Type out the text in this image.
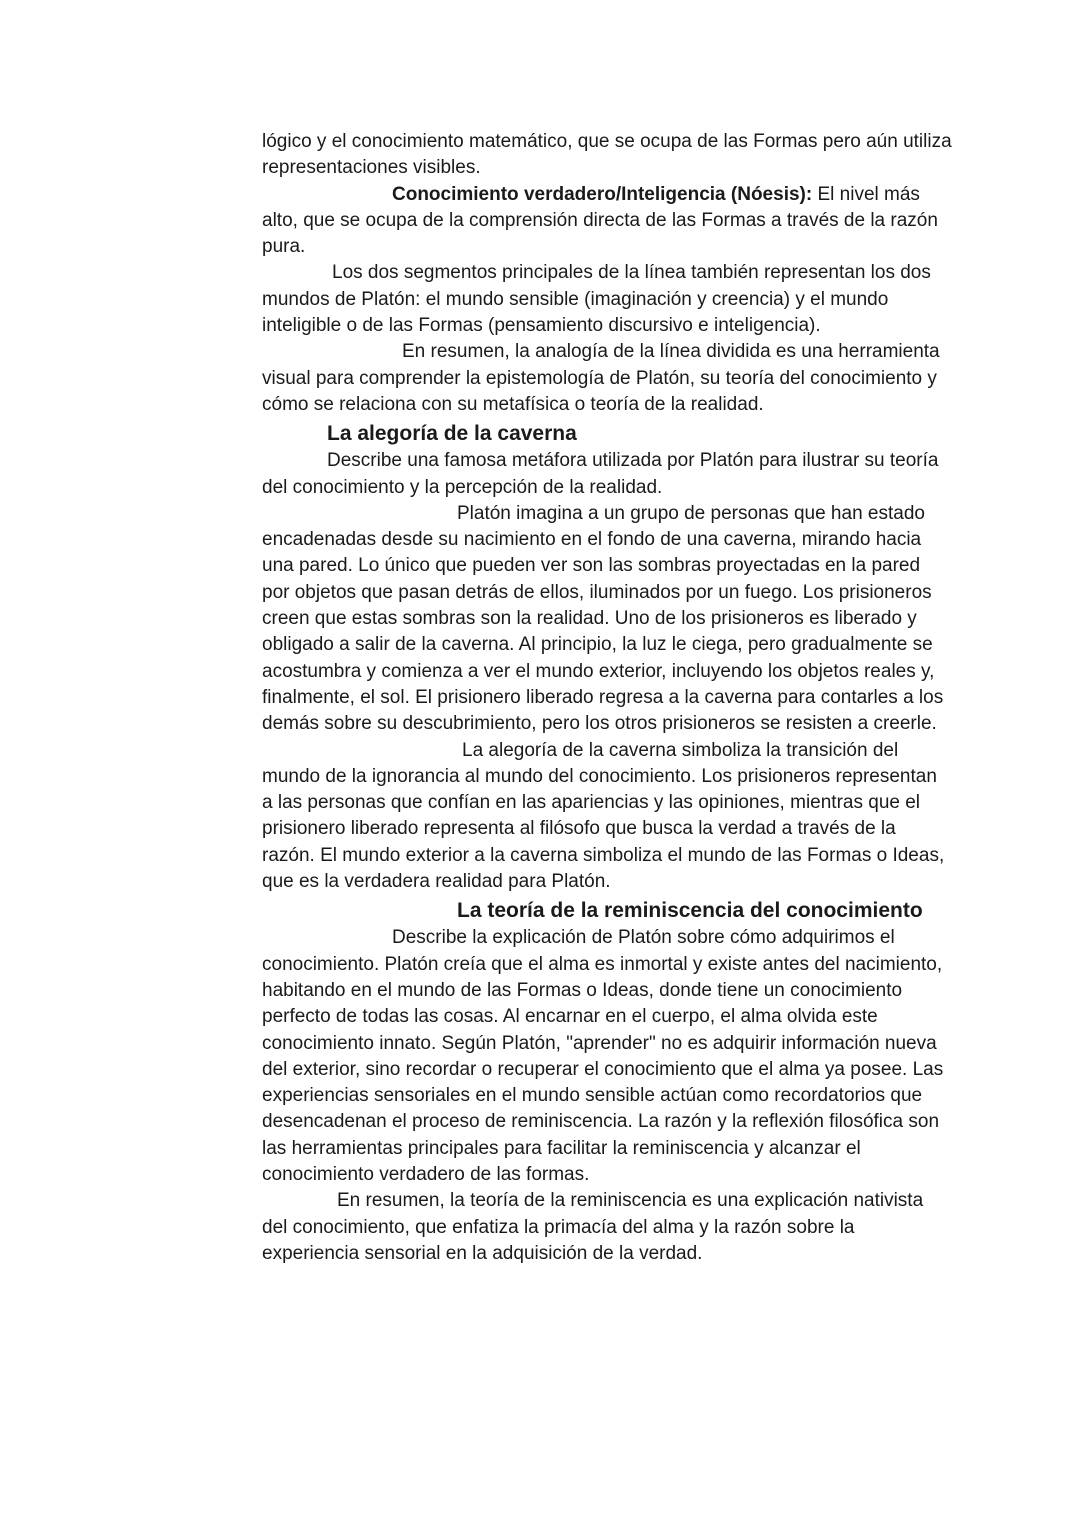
lógico y el conocimiento matemático, que se ocupa de las Formas pero aún utiliza representaciones visibles.

Conocimiento verdadero/Inteligencia (Nóesis): El nivel más alto, que se ocupa de la comprensión directa de las Formas a través de la razón pura.

Los dos segmentos principales de la línea también representan los dos mundos de Platón: el mundo sensible (imaginación y creencia) y el mundo inteligible o de las Formas (pensamiento discursivo e inteligencia).

En resumen, la analogía de la línea dividida es una herramienta visual para comprender la epistemología de Platón, su teoría del conocimiento y cómo se relaciona con su metafísica o teoría de la realidad.

La alegoría de la caverna

Describe una famosa metáfora utilizada por Platón para ilustrar su teoría del conocimiento y la percepción de la realidad.

Platón imagina a un grupo de personas que han estado encadenadas desde su nacimiento en el fondo de una caverna, mirando hacia una pared. Lo único que pueden ver son las sombras proyectadas en la pared por objetos que pasan detrás de ellos, iluminados por un fuego. Los prisioneros creen que estas sombras son la realidad. Uno de los prisioneros es liberado y obligado a salir de la caverna. Al principio, la luz le ciega, pero gradualmente se acostumbra y comienza a ver el mundo exterior, incluyendo los objetos reales y, finalmente, el sol. El prisionero liberado regresa a la caverna para contarles a los demás sobre su descubrimiento, pero los otros prisioneros se resisten a creerle.

La alegoría de la caverna simboliza la transición del mundo de la ignorancia al mundo del conocimiento. Los prisioneros representan a las personas que confían en las apariencias y las opiniones, mientras que el prisionero liberado representa al filósofo que busca la verdad a través de la razón. El mundo exterior a la caverna simboliza el mundo de las Formas o Ideas, que es la verdadera realidad para Platón.

La teoría de la reminiscencia del conocimiento

Describe la explicación de Platón sobre cómo adquirimos el conocimiento. Platón creía que el alma es inmortal y existe antes del nacimiento, habitando en el mundo de las Formas o Ideas, donde tiene un conocimiento perfecto de todas las cosas. Al encarnar en el cuerpo, el alma olvida este conocimiento innato. Según Platón, "aprender" no es adquirir información nueva del exterior, sino recordar o recuperar el conocimiento que el alma ya posee. Las experiencias sensoriales en el mundo sensible actúan como recordatorios que desencadenan el proceso de reminiscencia. La razón y la reflexión filosófica son las herramientas principales para facilitar la reminiscencia y alcanzar el conocimiento verdadero de las formas.

En resumen, la teoría de la reminiscencia es una explicación nativista del conocimiento, que enfatiza la primacía del alma y la razón sobre la experiencia sensorial en la adquisición de la verdad.
